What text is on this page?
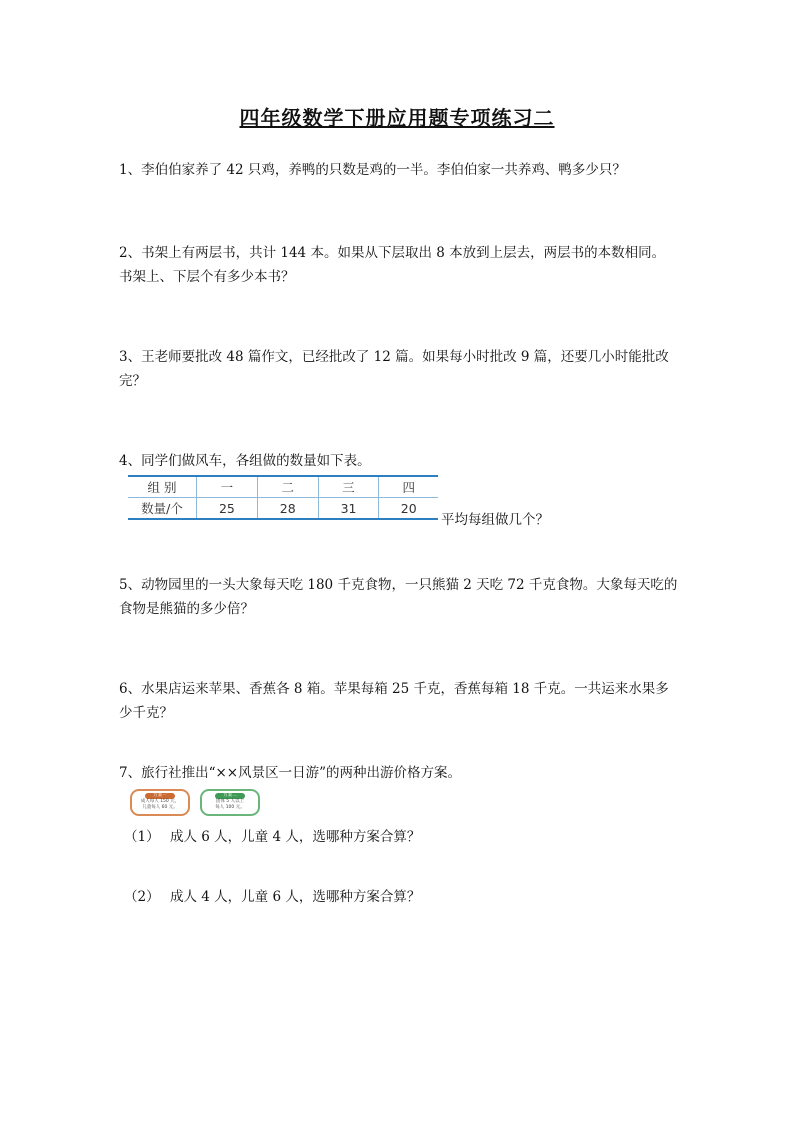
四年级数学下册应用题专项练习二
1、李伯伯家养了 42 只鸡，养鸭的只数是鸡的一半。李伯伯家一共养鸡、鸭多少只？
2、书架上有两层书，共计 144 本。如果从下层取出 8 本放到上层去，两层书的本数相同。
书架上、下层个有多少本书？
3、王老师要批改 48 篇作文，已经批改了 12 篇。如果每小时批改 9 篇，还要几小时能批改
完？
4、同学们做风车，各组做的数量如下表。
组 别	一	二	三	四
数量/个	25	28	31	20
平均每组做几个？
5、动物园里的一头大象每天吃 180 千克食物，一只熊猫 2 天吃 72 千克食物。大象每天吃的
食物是熊猫的多少倍？
6、水果店运来苹果、香蕉各 8 箱。苹果每箱 25 千克，香蕉每箱 18 千克。一共运来水果多
少千克？
7、旅行社推出“××风景区一日游”的两种出游价格方案。
方案一
成人每人 150 元，
儿童每人 60 元。
方案二
团体 5 人以上
每人 100 元。
（1） 成人 6 人，儿童 4 人，选哪种方案合算？
（2） 成人 4 人，儿童 6 人，选哪种方案合算？
